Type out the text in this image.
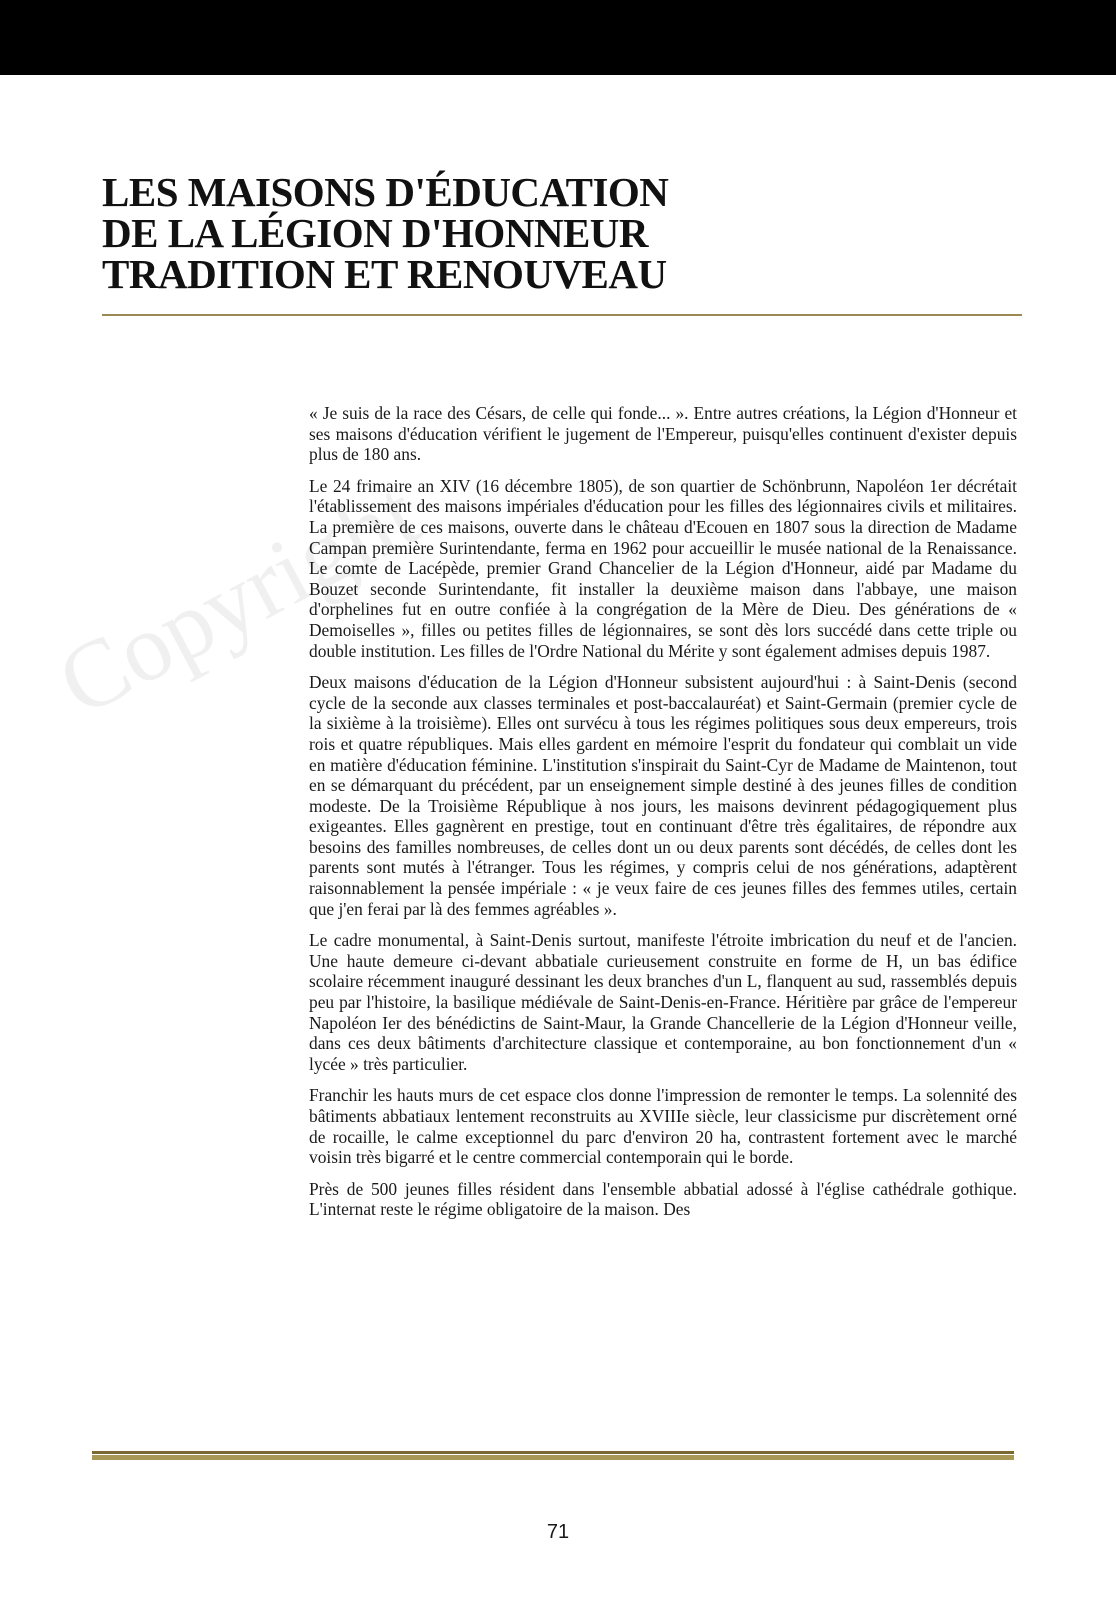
LES MAISONS D'ÉDUCATION
DE LA LÉGION D'HONNEUR
TRADITION ET RENOUVEAU
Copyright

« Je suis de la race des Césars, de celle qui fonde... ». Entre autres créations, la Légion d'Honneur et ses maisons d'éducation vérifient le jugement de l'Empereur, puisqu'elles continuent d'exister depuis plus de 180 ans.

Le 24 frimaire an XIV (16 décembre 1805), de son quartier de Schönbrunn, Napoléon 1er décrétait l'établissement des maisons impériales d'éducation pour les filles des légionnaires civils et militaires. La première de ces maisons, ouverte dans le château d'Ecouen en 1807 sous la direction de Madame Campan première Surintendante, ferma en 1962 pour accueillir le musée national de la Renaissance. Le comte de Lacépède, premier Grand Chancelier de la Légion d'Honneur, aidé par Madame du Bouzet seconde Surintendante, fit installer la deuxième maison dans l'abbaye, une maison d'orphelines fut en outre confiée à la congrégation de la Mère de Dieu. Des générations de « Demoiselles », filles ou petites filles de légionnaires, se sont dès lors succédé dans cette triple ou double institution. Les filles de l'Ordre National du Mérite y sont également admises depuis 1987.

Deux maisons d'éducation de la Légion d'Honneur subsistent aujourd'hui : à Saint-Denis (second cycle de la seconde aux classes terminales et post-baccalauréat) et Saint-Germain (premier cycle de la sixième à la troisième). Elles ont survécu à tous les régimes politiques sous deux empereurs, trois rois et quatre républiques. Mais elles gardent en mémoire l'esprit du fondateur qui comblait un vide en matière d'éducation féminine. L'institution s'inspirait du Saint-Cyr de Madame de Maintenon, tout en se démarquant du précédent, par un enseignement simple destiné à des jeunes filles de condition modeste. De la Troisième République à nos jours, les maisons devinrent pédagogiquement plus exigeantes. Elles gagnèrent en prestige, tout en continuant d'être très égalitaires, de répondre aux besoins des familles nombreuses, de celles dont un ou deux parents sont décédés, de celles dont les parents sont mutés à l'étranger. Tous les régimes, y compris celui de nos générations, adaptèrent raisonnablement la pensée impériale : « je veux faire de ces jeunes filles des femmes utiles, certain que j'en ferai par là des femmes agréables ».

Le cadre monumental, à Saint-Denis surtout, manifeste l'étroite imbrication du neuf et de l'ancien. Une haute demeure ci-devant abbatiale curieusement construite en forme de H, un bas édifice scolaire récemment inauguré dessinant les deux branches d'un L, flanquent au sud, rassemblés depuis peu par l'histoire, la basilique médiévale de Saint-Denis-en-France. Héritière par grâce de l'empereur Napoléon Ier des bénédictins de Saint-Maur, la Grande Chancellerie de la Légion d'Honneur veille, dans ces deux bâtiments d'architecture classique et contemporaine, au bon fonctionnement d'un « lycée » très particulier.

Franchir les hauts murs de cet espace clos donne l'impression de remonter le temps. La solennité des bâtiments abbatiaux lentement reconstruits au XVIIIe siècle, leur classicisme pur discrètement orné de rocaille, le calme exceptionnel du parc d'environ 20 ha, contrastent fortement avec le marché voisin très bigarré et le centre commercial contemporain qui le borde.

Près de 500 jeunes filles résident dans l'ensemble abbatial adossé à l'église cathédrale gothique. L'internat reste le régime obligatoire de la maison. Des

71
